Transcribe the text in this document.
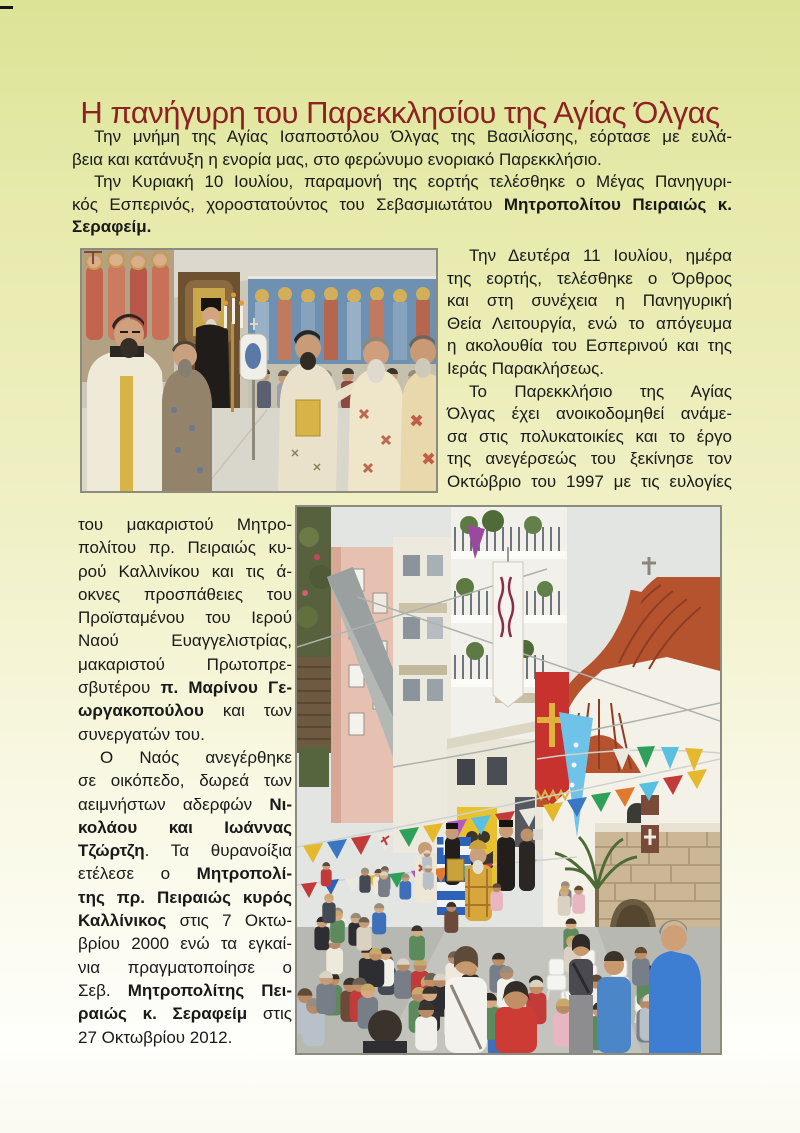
Η πανήγυρη του Παρεκκλησίου της Αγίας Όλγας
Την μνήμη της Αγίας Ισαποστόλου Όλγας της Βασιλίσσης, εόρτασε με ευλά-
βεια και κατάνυξη η ενορία μας, στο φερώνυμο ενοριακό Παρεκκλήσιο.
Την Κυριακή 10 Ιουλίου, παραμονή της εορτής τελέσθηκε ο Μέγας Πανηγυρι-
κός Εσπερινός, χοροστατούντος του Σεβασμιωτάτου Μητροπολίτου Πειραιώς κ.
Σεραφείμ.
Την Δευτέρα 11 Ιουλίου, ημέρα
της εορτής, τελέσθηκε ο Όρθρος
και στη συνέχεια η Πανηγυρική
Θεία Λειτουργία, ενώ το απόγευμα
η ακολουθία του Εσπερινού και της
Ιεράς Παρακλήσεως.
Το Παρεκκλήσιο της Αγίας
Όλγας έχει ανοικοδομηθεί ανάμε-
σα στις πολυκατοικίες και το έργο
της ανεγέρσεώς του ξεκίνησε τον
Οκτώβριο του 1997 με τις ευλογίες
του μακαριστού Μητρο-
πολίτου πρ. Πειραιώς κυ-
ρού Καλλινίκου και τις ά-
οκνες προσπάθειες του
Προϊσταμένου του Ιερού
Ναού Ευαγγελιστρίας,
μακαριστού Πρωτοπρε-
σβυτέρου π. Μαρίνου Γε-
ωργακοπούλου και των
συνεργατών του.
Ο Ναός ανεγέρθηκε
σε οικόπεδο, δωρεά των
αειμνήστων αδερφών Νι-
κολάου και Ιωάννας
Τζώρτζη. Τα θυρανοίξια
ετέλεσε ο Μητροπολί-
της πρ. Πειραιώς κυρός
Καλλίνικος στις 7 Οκτω-
βρίου 2000 ενώ τα εγκαί-
νια πραγματοποίησε ο
Σεβ. Μητροπολίτης Πει-
ραιώς κ. Σεραφείμ στις
27 Οκτωβρίου 2012.
